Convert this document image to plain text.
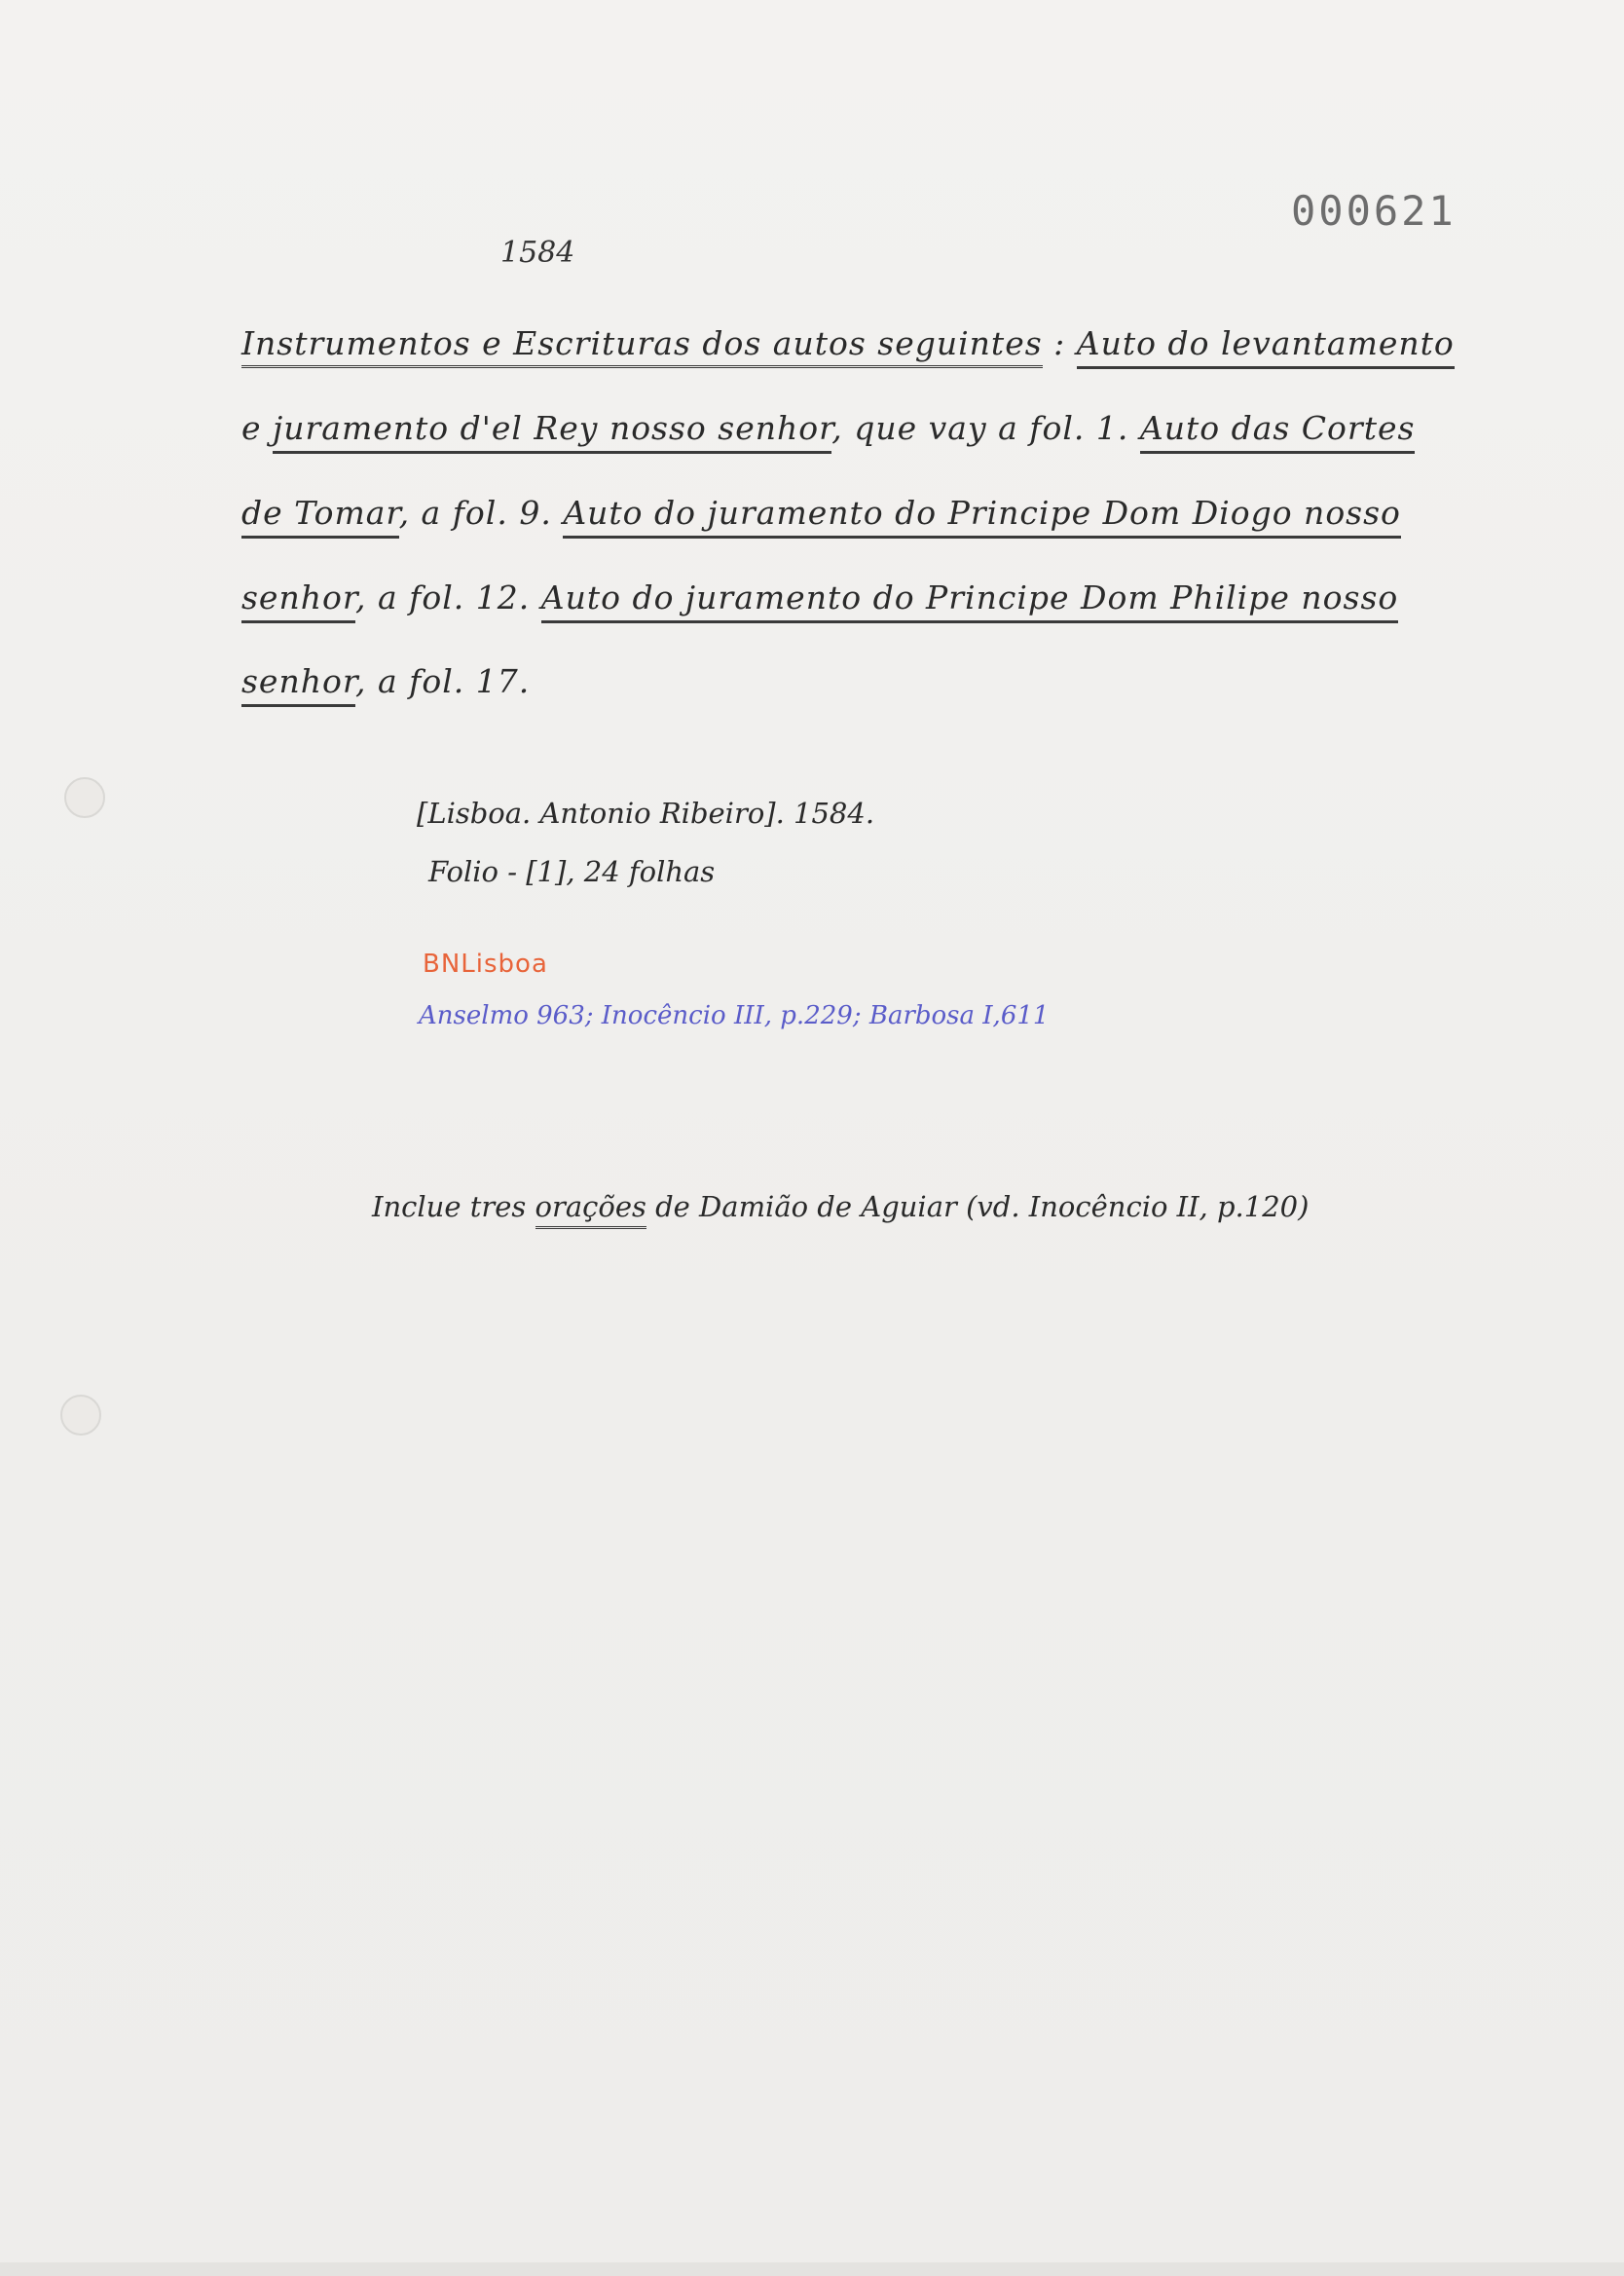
000621
1584
Instrumentos e Escrituras dos autos seguintes : Auto do levantamento
e juramento d'el Rey nosso senhor, que vay a fol. 1. Auto das Cortes
de Tomar, a fol. 9. Auto do juramento do Principe Dom Diogo nosso
senhor, a fol. 12. Auto do juramento do Principe Dom Philipe nosso
senhor, a fol. 17.
[Lisboa. Antonio Ribeiro]. 1584.
Folio - [1], 24 folhas
BNLisboa
Anselmo 963; Inocêncio III, p.229; Barbosa I,611
Inclue tres orações de Damião de Aguiar (vd. Inocêncio II, p.120)
